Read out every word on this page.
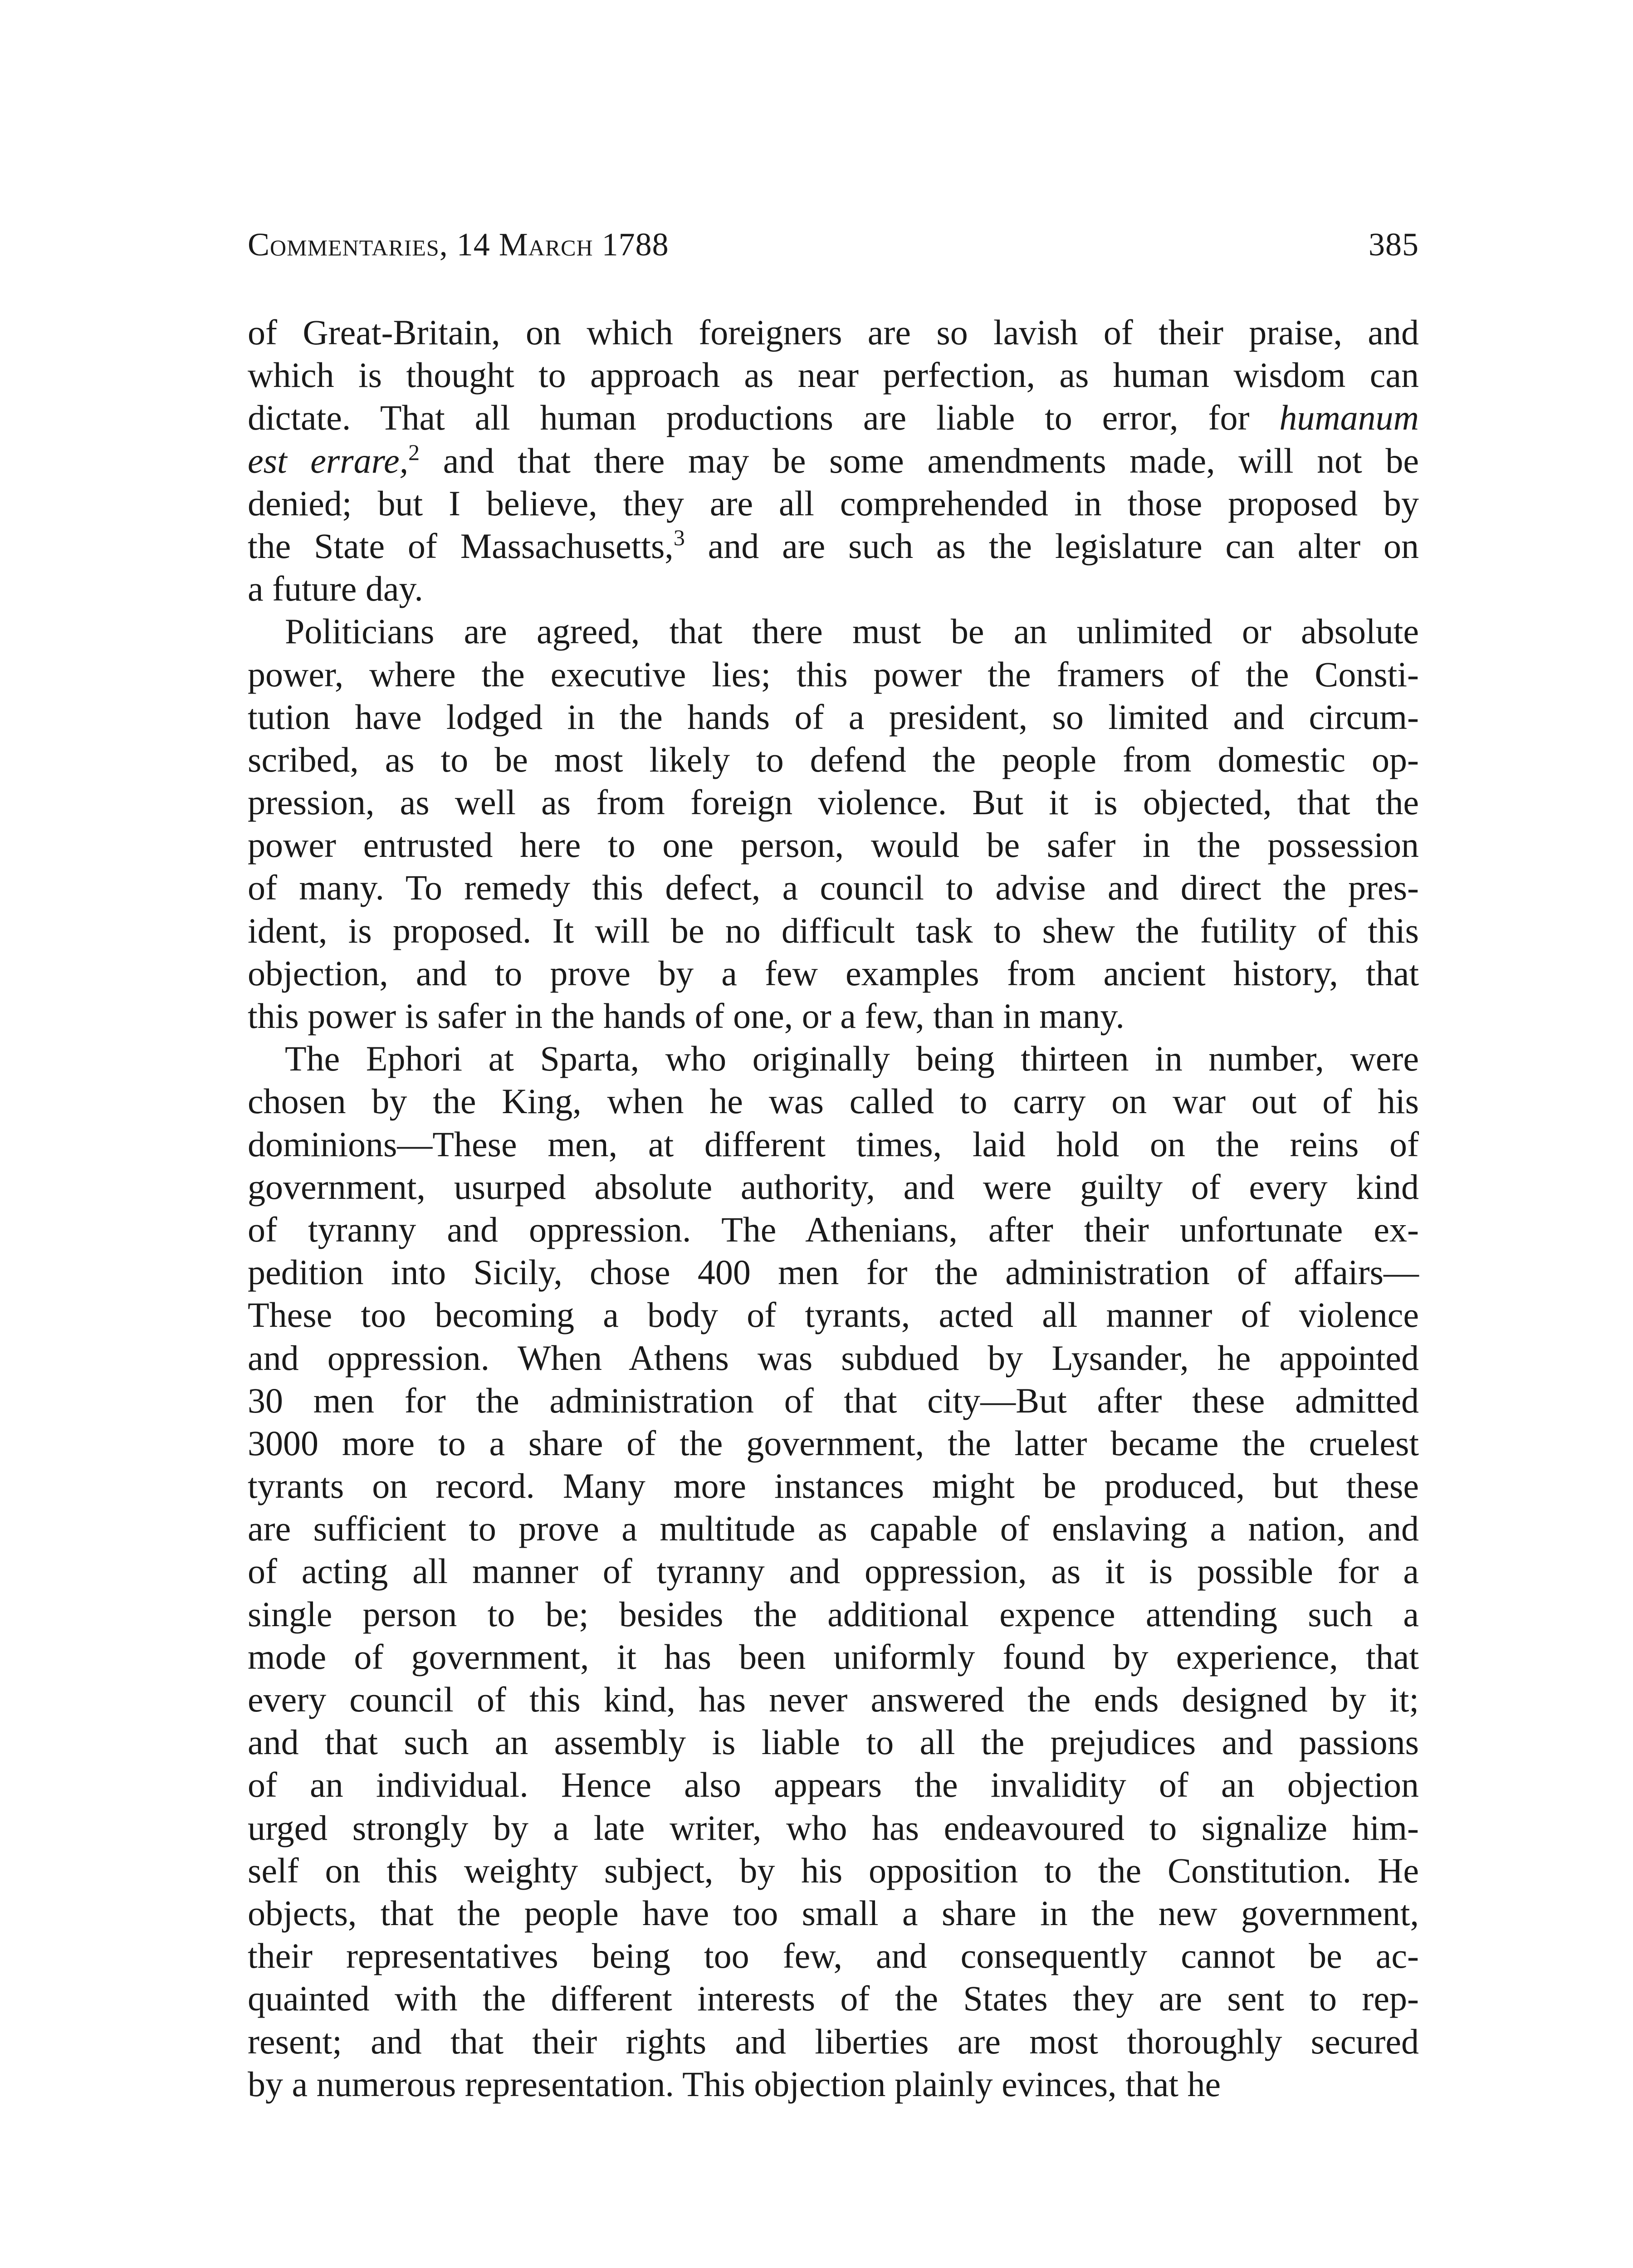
Commentaries, 14 March 1788	385
of Great-Britain, on which foreigners are so lavish of their praise, and
which is thought to approach as near perfection, as human wisdom can
dictate. That all human productions are liable to error, for humanum
est errare,$^2$ and that there may be some amendments made, will not be
denied; but I believe, they are all comprehended in those proposed by
the State of Massachusetts,$^3$ and are such as the legislature can alter on
a future day.
Politicians are agreed, that there must be an unlimited or absolute
power, where the executive lies; this power the framers of the Consti-
tution have lodged in the hands of a president, so limited and circum-
scribed, as to be most likely to defend the people from domestic op-
pression, as well as from foreign violence. But it is objected, that the
power entrusted here to one person, would be safer in the possession
of many. To remedy this defect, a council to advise and direct the pres-
ident, is proposed. It will be no difficult task to shew the futility of this
objection, and to prove by a few examples from ancient history, that
this power is safer in the hands of one, or a few, than in many.
The Ephori at Sparta, who originally being thirteen in number, were
chosen by the King, when he was called to carry on war out of his
dominions—These men, at different times, laid hold on the reins of
government, usurped absolute authority, and were guilty of every kind
of tyranny and oppression. The Athenians, after their unfortunate ex-
pedition into Sicily, chose 400 men for the administration of affairs—
These too becoming a body of tyrants, acted all manner of violence
and oppression. When Athens was subdued by Lysander, he appointed
30 men for the administration of that city—But after these admitted
3000 more to a share of the government, the latter became the cruelest
tyrants on record. Many more instances might be produced, but these
are sufficient to prove a multitude as capable of enslaving a nation, and
of acting all manner of tyranny and oppression, as it is possible for a
single person to be; besides the additional expence attending such a
mode of government, it has been uniformly found by experience, that
every council of this kind, has never answered the ends designed by it;
and that such an assembly is liable to all the prejudices and passions
of an individual. Hence also appears the invalidity of an objection
urged strongly by a late writer, who has endeavoured to signalize him-
self on this weighty subject, by his opposition to the Constitution. He
objects, that the people have too small a share in the new government,
their representatives being too few, and consequently cannot be ac-
quainted with the different interests of the States they are sent to rep-
resent; and that their rights and liberties are most thoroughly secured
by a numerous representation. This objection plainly evinces, that he
